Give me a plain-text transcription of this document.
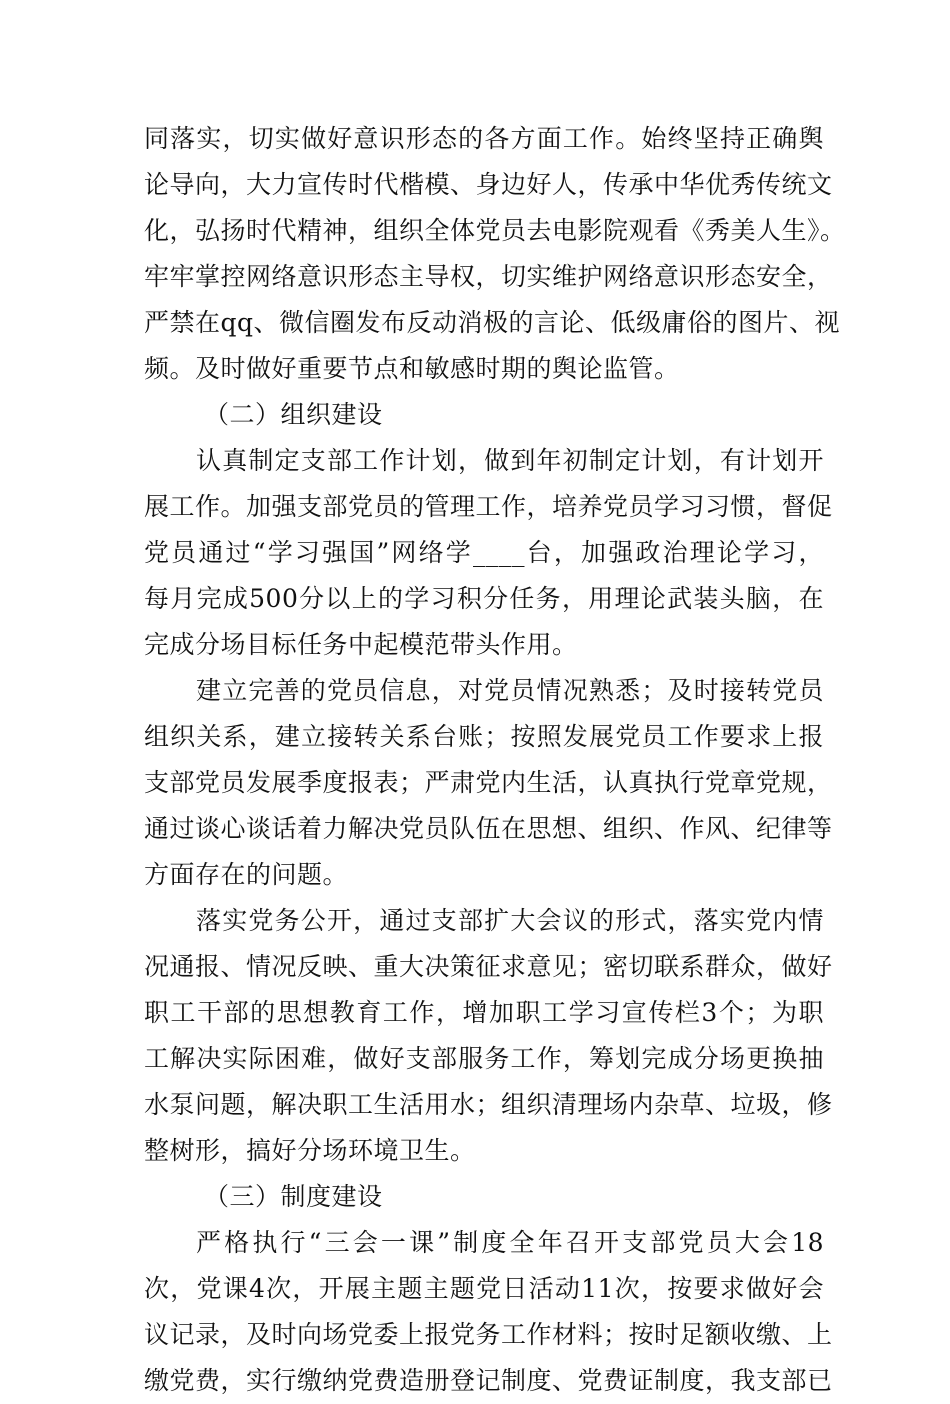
同落实，切实做好意识形态的各方面工作。始终坚持正确舆
论导向，大力宣传时代楷模、身边好人，传承中华优秀传统文
化，弘扬时代精神，组织全体党员去电影院观看《秀美人生》。
牢牢掌控网络意识形态主导权，切实维护网络意识形态安全，
严禁在qq、微信圈发布反动消极的言论、低级庸俗的图片、视
频。及时做好重要节点和敏感时期的舆论监管。
（二）组织建设
认真制定支部工作计划，做到年初制定计划，有计划开
展工作。加强支部党员的管理工作，培养党员学习习惯，督促
党员通过“学习强国”网络学____台，加强政治理论学习，
每月完成500分以上的学习积分任务，用理论武装头脑，在
完成分场目标任务中起模范带头作用。
建立完善的党员信息，对党员情况熟悉；及时接转党员
组织关系，建立接转关系台账；按照发展党员工作要求上报
支部党员发展季度报表；严肃党内生活，认真执行党章党规，
通过谈心谈话着力解决党员队伍在思想、组织、作风、纪律等
方面存在的问题。
落实党务公开，通过支部扩大会议的形式，落实党内情
况通报、情况反映、重大决策征求意见；密切联系群众，做好
职工干部的思想教育工作，增加职工学习宣传栏3个；为职
工解决实际困难，做好支部服务工作，筹划完成分场更换抽
水泵问题，解决职工生活用水；组织清理场内杂草、垃圾，修
整树形，搞好分场环境卫生。
（三）制度建设
严格执行“三会一课”制度全年召开支部党员大会18
次，党课4次，开展主题主题党日活动11次，按要求做好会
议记录，及时向场党委上报党务工作材料；按时足额收缴、上
缴党费，实行缴纳党费造册登记制度、党费证制度，我支部已
